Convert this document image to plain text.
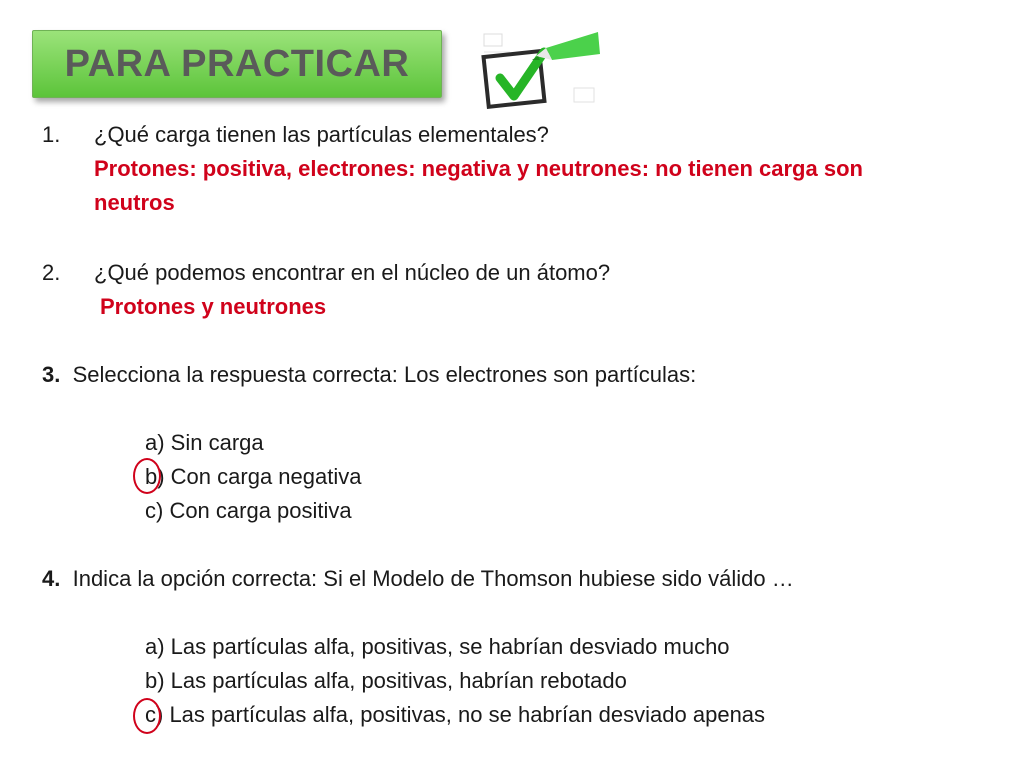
PARA PRACTICAR
1. ¿Qué carga tienen las partículas elementales?
Protones: positiva, electrones: negativa y neutrones: no tienen carga son
neutros
2. ¿Qué podemos encontrar en el núcleo de un átomo?
Protones y neutrones
3. Selecciona la respuesta correcta: Los electrones son partículas:
a) Sin carga
b) Con carga negativa
c) Con carga positiva
4. Indica la opción correcta: Si el Modelo de Thomson hubiese sido válido …
a) Las partículas alfa, positivas, se habrían desviado mucho
b) Las partículas alfa, positivas, habrían rebotado
c) Las partículas alfa, positivas, no se habrían desviado apenas
